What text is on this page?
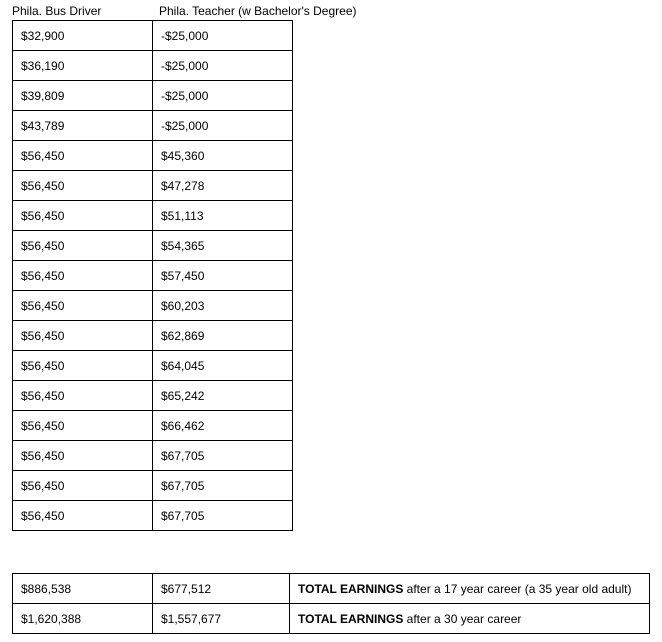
Phila. Bus Driver	Phila. Teacher (w Bachelor's Degree)
$32,900	-$25,000
$36,190	-$25,000
$39,809	-$25,000
$43,789	-$25,000
$56,450	$45,360
$56,450	$47,278
$56,450	$51,113
$56,450	$54,365
$56,450	$57,450
$56,450	$60,203
$56,450	$62,869
$56,450	$64,045
$56,450	$65,242
$56,450	$66,462
$56,450	$67,705
$56,450	$67,705
$56,450	$67,705
$886,538	$677,512	TOTAL EARNINGS after a 17 year career (a 35 year old adult)
$1,620,388	$1,557,677	TOTAL EARNINGS after a 30 year career
